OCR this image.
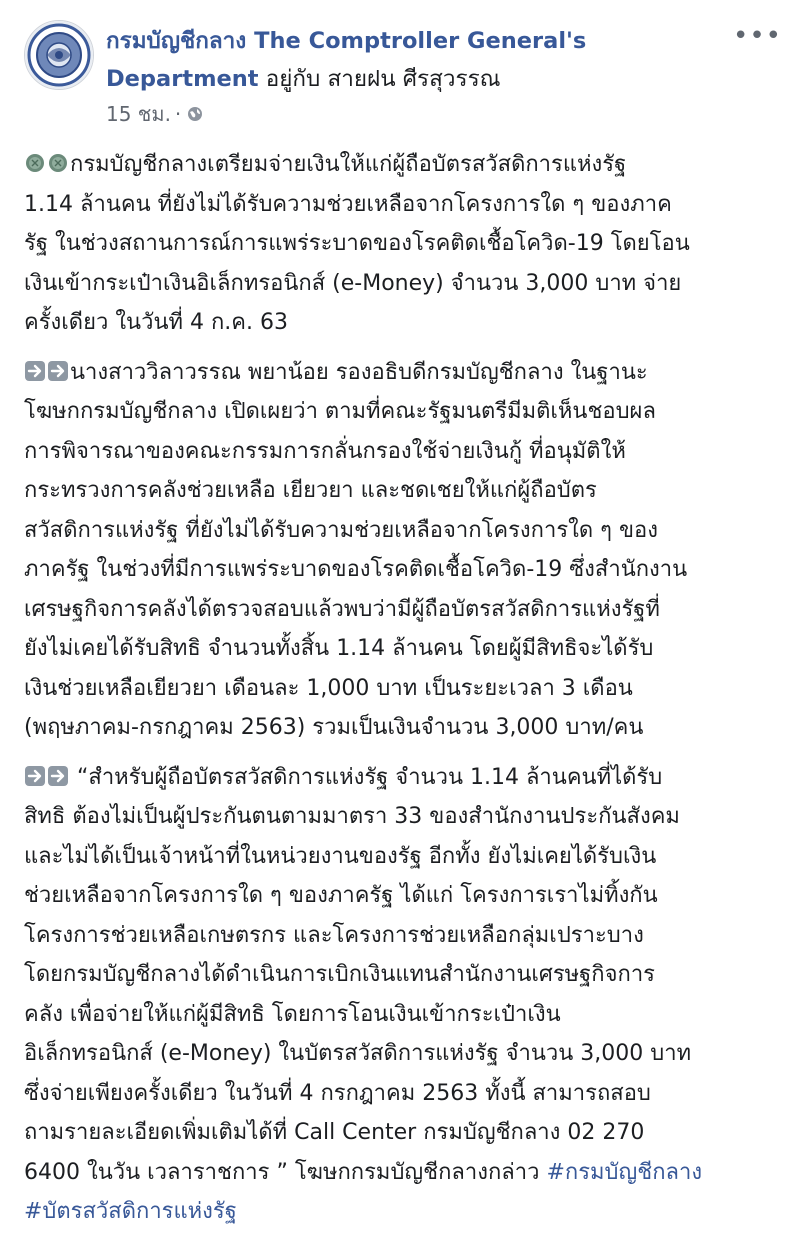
กรมบัญชีกลาง The Comptroller General's Department อยู่กับ สายฝน ศีรสุวรรณ
15 ชม. ·
•••

กรมบัญชีกลางเตรียมจ่ายเงินให้แก่ผู้ถือบัตรสวัสดิการแห่งรัฐ
1.14 ล้านคน ที่ยังไม่ได้รับความช่วยเหลือจากโครงการใด ๆ ของภาค
รัฐ ในช่วงสถานการณ์การแพร่ระบาดของโรคติดเชื้อโควิด-19 โดยโอน
เงินเข้ากระเป๋าเงินอิเล็กทรอนิกส์ (e-Money) จำนวน 3,000 บาท จ่าย
ครั้งเดียว ในวันที่ 4 ก.ค. 63

นางสาววิลาวรรณ พยาน้อย รองอธิบดีกรมบัญชีกลาง ในฐานะ
โฆษกกรมบัญชีกลาง เปิดเผยว่า ตามที่คณะรัฐมนตรีมีมติเห็นชอบผล
การพิจารณาของคณะกรรมการกลั่นกรองใช้จ่ายเงินกู้ ที่อนุมัติให้
กระทรวงการคลังช่วยเหลือ เยียวยา และชดเชยให้แก่ผู้ถือบัตร
สวัสดิการแห่งรัฐ ที่ยังไม่ได้รับความช่วยเหลือจากโครงการใด ๆ ของ
ภาครัฐ ในช่วงที่มีการแพร่ระบาดของโรคติดเชื้อโควิด-19 ซึ่งสำนักงาน
เศรษฐกิจการคลังได้ตรวจสอบแล้วพบว่ามีผู้ถือบัตรสวัสดิการแห่งรัฐที่
ยังไม่เคยได้รับสิทธิ จำนวนทั้งสิ้น 1.14 ล้านคน โดยผู้มีสิทธิจะได้รับ
เงินช่วยเหลือเยียวยา เดือนละ 1,000 บาท เป็นระยะเวลา 3 เดือน
(พฤษภาคม-กรกฎาคม 2563) รวมเป็นเงินจำนวน 3,000 บาท/คน

“สำหรับผู้ถือบัตรสวัสดิการแห่งรัฐ จำนวน 1.14 ล้านคนที่ได้รับ
สิทธิ ต้องไม่เป็นผู้ประกันตนตามมาตรา 33 ของสำนักงานประกันสังคม
และไม่ได้เป็นเจ้าหน้าที่ในหน่วยงานของรัฐ อีกทั้ง ยังไม่เคยได้รับเงิน
ช่วยเหลือจากโครงการใด ๆ ของภาครัฐ ได้แก่ โครงการเราไม่ทิ้งกัน
โครงการช่วยเหลือเกษตรกร และโครงการช่วยเหลือกลุ่มเปราะบาง
โดยกรมบัญชีกลางได้ดำเนินการเบิกเงินแทนสำนักงานเศรษฐกิจการ
คลัง เพื่อจ่ายให้แก่ผู้มีสิทธิ โดยการโอนเงินเข้ากระเป๋าเงิน
อิเล็กทรอนิกส์ (e-Money) ในบัตรสวัสดิการแห่งรัฐ จำนวน 3,000 บาท
ซึ่งจ่ายเพียงครั้งเดียว ในวันที่ 4 กรกฎาคม 2563 ทั้งนี้ สามารถสอบ
ถามรายละเอียดเพิ่มเติมได้ที่ Call Center กรมบัญชีกลาง 02 270
6400 ในวัน เวลาราชการ ” โฆษกกรมบัญชีกลางกล่าว #กรมบัญชีกลาง
#บัตรสวัสดิการแห่งรัฐ
